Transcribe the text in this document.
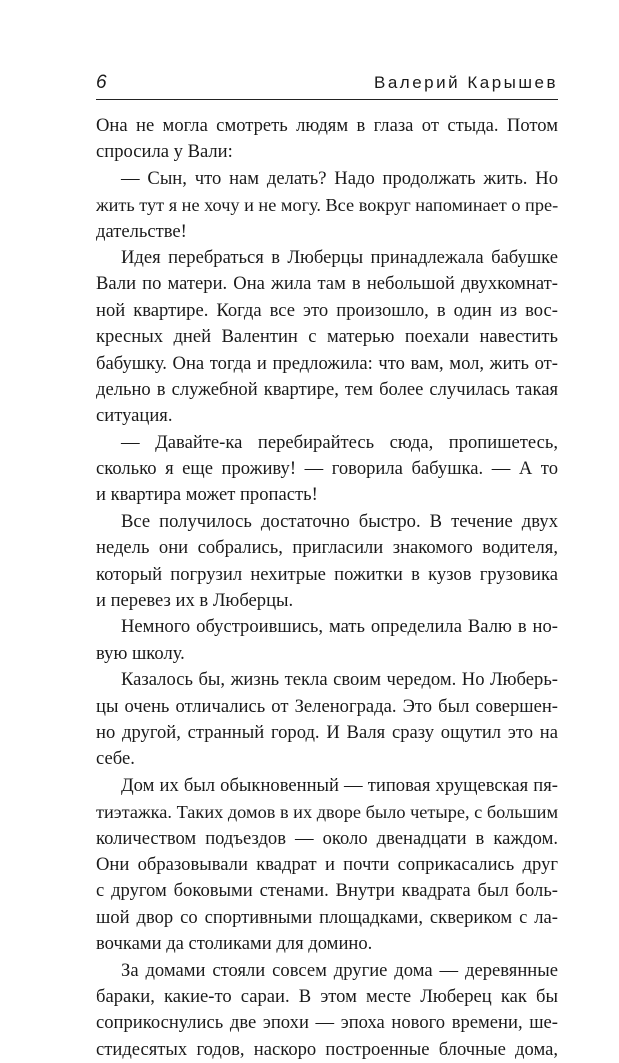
6	Валерий Карышев
Она не могла смотреть людям в глаза от стыда. Потом
спросила у Вали:
— Сын, что нам делать? Надо продолжать жить. Но
жить тут я не хочу и не могу. Все вокруг напоминает о пре-
дательстве!
Идея перебраться в Люберцы принадлежала бабушке
Вали по матери. Она жила там в небольшой двухкомнат-
ной квартире. Когда все это произошло, в один из вос-
кресных дней Валентин с матерью поехали навестить
бабушку. Она тогда и предложила: что вам, мол, жить от-
дельно в служебной квартире, тем более случилась такая
ситуация.
— Давайте-ка перебирайтесь сюда, пропишетесь,
сколько я еще проживу! — говорила бабушка. — А то
и квартира может пропасть!
Все получилось достаточно быстро. В течение двух
недель они собрались, пригласили знакомого водителя,
который погрузил нехитрые пожитки в кузов грузовика
и перевез их в Люберцы.
Немного обустроившись, мать определила Валю в но-
вую школу.
Казалось бы, жизнь текла своим чередом. Но Люберь-
цы очень отличались от Зеленограда. Это был совершен-
но другой, странный город. И Валя сразу ощутил это на
себе.
Дом их был обыкновенный — типовая хрущевская пя-
тиэтажка. Таких домов в их дворе было четыре, с большим
количеством подъездов — около двенадцати в каждом.
Они образовывали квадрат и почти соприкасались друг
с другом боковыми стенами. Внутри квадрата был боль-
шой двор со спортивными площадками, сквериком с ла-
вочками да столиками для домино.
За домами стояли совсем другие дома — деревянные
бараки, какие-то сараи. В этом месте Люберец как бы
соприкоснулись две эпохи — эпоха нового времени, ше-
стидесятых годов, наскоро построенные блочные дома,
